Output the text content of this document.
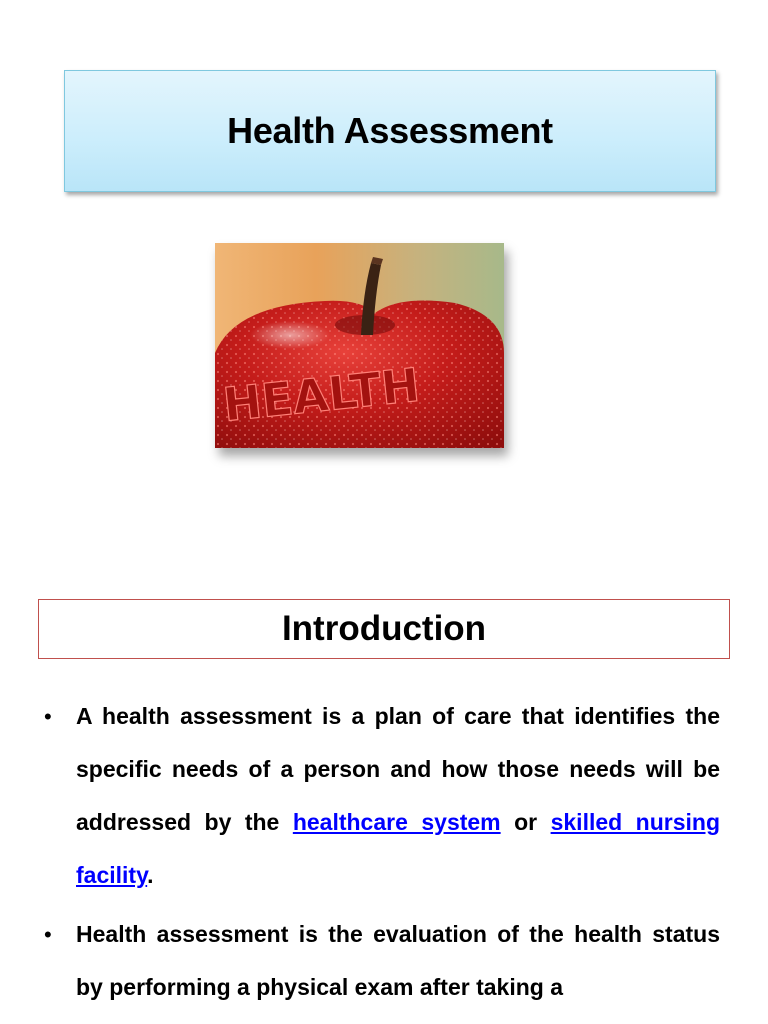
Health Assessment
HEALTH
Introduction
• A health assessment is a plan of care that identifies the specific needs of a person and how those needs will be addressed by the healthcare system or skilled nursing facility.
• Health assessment is the evaluation of the health status by performing a physical exam after taking a
